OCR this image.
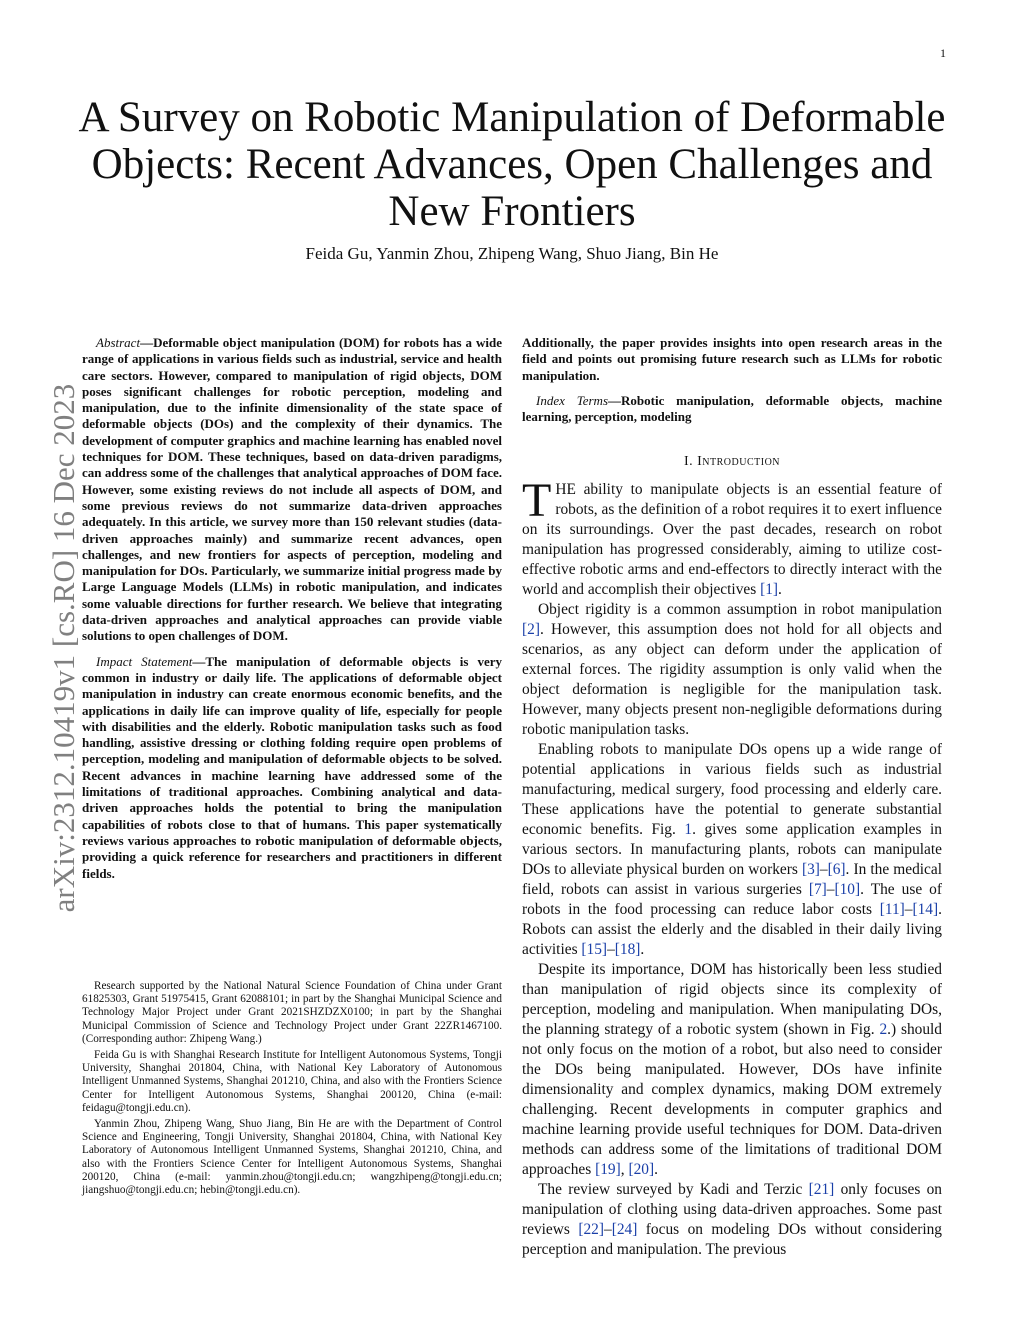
1
arXiv:2312.10419v1 [cs.RO] 16 Dec 2023
A Survey on Robotic Manipulation of Deformable Objects: Recent Advances, Open Challenges and New Frontiers

Feida Gu, Yanmin Zhou, Zhipeng Wang, Shuo Jiang, Bin He

Abstract—Deformable object manipulation (DOM) for robots has a wide range of applications in various fields such as industrial, service and health care sectors. However, compared to manipulation of rigid objects, DOM poses significant challenges for robotic perception, modeling and manipulation, due to the infinite dimensionality of the state space of deformable objects (DOs) and the complexity of their dynamics. The development of computer graphics and machine learning has enabled novel techniques for DOM. These techniques, based on data-driven paradigms, can address some of the challenges that analytical approaches of DOM face. However, some existing reviews do not include all aspects of DOM, and some previous reviews do not summarize data-driven approaches adequately. In this article, we survey more than 150 relevant studies (data-driven approaches mainly) and summarize recent advances, open challenges, and new frontiers for aspects of perception, modeling and manipulation for DOs. Particularly, we summarize initial progress made by Large Language Models (LLMs) in robotic manipulation, and indicates some valuable directions for further research. We believe that integrating data-driven approaches and analytical approaches can provide viable solutions to open challenges of DOM.

Impact Statement—The manipulation of deformable objects is very common in industry or daily life. The applications of deformable object manipulation in industry can create enormous economic benefits, and the applications in daily life can improve quality of life, especially for people with disabilities and the elderly. Robotic manipulation tasks such as food handling, assistive dressing or clothing folding require open problems of perception, modeling and manipulation of deformable objects to be solved. Recent advances in machine learning have addressed some of the limitations of traditional approaches. Combining analytical and data-driven approaches holds the potential to bring the manipulation capabilities of robots close to that of humans. This paper systematically reviews various approaches to robotic manipulation of deformable objects, providing a quick reference for researchers and practitioners in different fields.

Research supported by the National Natural Science Foundation of China under Grant 61825303, Grant 51975415, Grant 62088101; in part by the Shanghai Municipal Science and Technology Major Project under Grant 2021SHZDZX0100; in part by the Shanghai Municipal Commission of Science and Technology Project under Grant 22ZR1467100.(Corresponding author: Zhipeng Wang.)

Feida Gu is with Shanghai Research Institute for Intelligent Autonomous Systems, Tongji University, Shanghai 201804, China, with National Key Laboratory of Autonomous Intelligent Unmanned Systems, Shanghai 201210, China, and also with the Frontiers Science Center for Intelligent Autonomous Systems, Shanghai 200120, China (e-mail: feidagu@tongji.edu.cn).

Yanmin Zhou, Zhipeng Wang, Shuo Jiang, Bin He are with the Department of Control Science and Engineering, Tongji University, Shanghai 201804, China, with National Key Laboratory of Autonomous Intelligent Unmanned Systems, Shanghai 201210, China, and also with the Frontiers Science Center for Intelligent Autonomous Systems, Shanghai 200120, China (e-mail: yanmin.zhou@tongji.edu.cn; wangzhipeng@tongji.edu.cn; jiangshuo@tongji.edu.cn; hebin@tongji.edu.cn).

Additionally, the paper provides insights into open research areas in the field and points out promising future research such as LLMs for robotic manipulation.

Index Terms—Robotic manipulation, deformable objects, machine learning, perception, modeling

I. Introduction

THE ability to manipulate objects is an essential feature of robots, as the definition of a robot requires it to exert influence on its surroundings. Over the past decades, research on robot manipulation has progressed considerably, aiming to utilize cost-effective robotic arms and end-effectors to directly interact with the world and accomplish their objectives [1].

Object rigidity is a common assumption in robot manipulation [2]. However, this assumption does not hold for all objects and scenarios, as any object can deform under the application of external forces. The rigidity assumption is only valid when the object deformation is negligible for the manipulation task. However, many objects present non-negligible deformations during robotic manipulation tasks.

Enabling robots to manipulate DOs opens up a wide range of potential applications in various fields such as industrial manufacturing, medical surgery, food processing and elderly care. These applications have the potential to generate substantial economic benefits. Fig. 1. gives some application examples in various sectors. In manufacturing plants, robots can manipulate DOs to alleviate physical burden on workers [3]–[6]. In the medical field, robots can assist in various surgeries [7]–[10]. The use of robots in the food processing can reduce labor costs [11]–[14]. Robots can assist the elderly and the disabled in their daily living activities [15]–[18].

Despite its importance, DOM has historically been less studied than manipulation of rigid objects since its complexity of perception, modeling and manipulation. When manipulating DOs, the planning strategy of a robotic system (shown in Fig. 2.) should not only focus on the motion of a robot, but also need to consider the DOs being manipulated. However, DOs have infinite dimensionality and complex dynamics, making DOM extremely challenging. Recent developments in computer graphics and machine learning provide useful techniques for DOM. Data-driven methods can address some of the limitations of traditional DOM approaches [19], [20].

The review surveyed by Kadi and Terzic [21] only focuses on manipulation of clothing using data-driven approaches. Some past reviews [22]–[24] focus on modeling DOs without considering perception and manipulation. The previous
